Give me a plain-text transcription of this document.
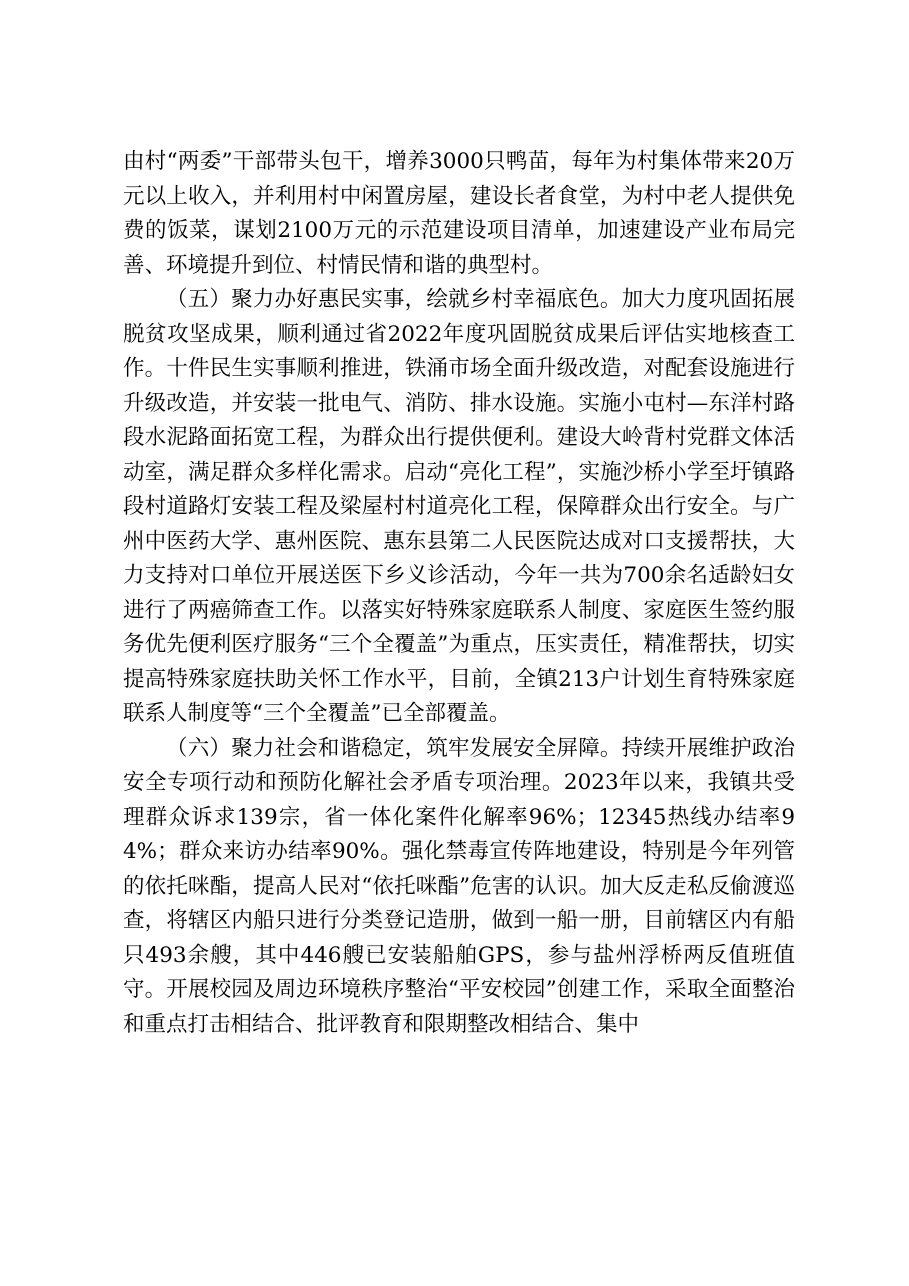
由村“两委”干部带头包干，增养3000只鸭苗，每年为村集体带来20万元以上收入，并利用村中闲置房屋，建设长者食堂，为村中老人提供免费的饭菜，谋划2100万元的示范建设项目清单，加速建设产业布局完善、环境提升到位、村情民情和谐的典型村。

（五）聚力办好惠民实事，绘就乡村幸福底色。加大力度巩固拓展脱贫攻坚成果，顺利通过省2022年度巩固脱贫成果后评估实地核查工作。十件民生实事顺利推进，铁涌市场全面升级改造，对配套设施进行升级改造，并安装一批电气、消防、排水设施。实施小屯村—东洋村路段水泥路面拓宽工程，为群众出行提供便利。建设大岭背村党群文体活动室，满足群众多样化需求。启动“亮化工程”，实施沙桥小学至圩镇路段村道路灯安装工程及梁屋村村道亮化工程，保障群众出行安全。与广州中医药大学、惠州医院、惠东县第二人民医院达成对口支援帮扶，大力支持对口单位开展送医下乡义诊活动，今年一共为700余名适龄妇女进行了两癌筛查工作。以落实好特殊家庭联系人制度、家庭医生签约服务优先便利医疗服务“三个全覆盖”为重点，压实责任，精准帮扶，切实提高特殊家庭扶助关怀工作水平，目前，全镇213户计划生育特殊家庭联系人制度等“三个全覆盖”已全部覆盖。

（六）聚力社会和谐稳定，筑牢发展安全屏障。持续开展维护政治安全专项行动和预防化解社会矛盾专项治理。2023年以来，我镇共受理群众诉求139宗，省一体化案件化解率96%；12345热线办结率94%；群众来访办结率90%。强化禁毒宣传阵地建设，特别是今年列管的依托咪酯，提高人民对“依托咪酯”危害的认识。加大反走私反偷渡巡查，将辖区内船只进行分类登记造册，做到一船一册，目前辖区内有船只493余艘，其中446艘已安装船舶GPS，参与盐州浮桥两反值班值守。开展校园及周边环境秩序整治“平安校园”创建工作，采取全面整治和重点打击相结合、批评教育和限期整改相结合、集中
